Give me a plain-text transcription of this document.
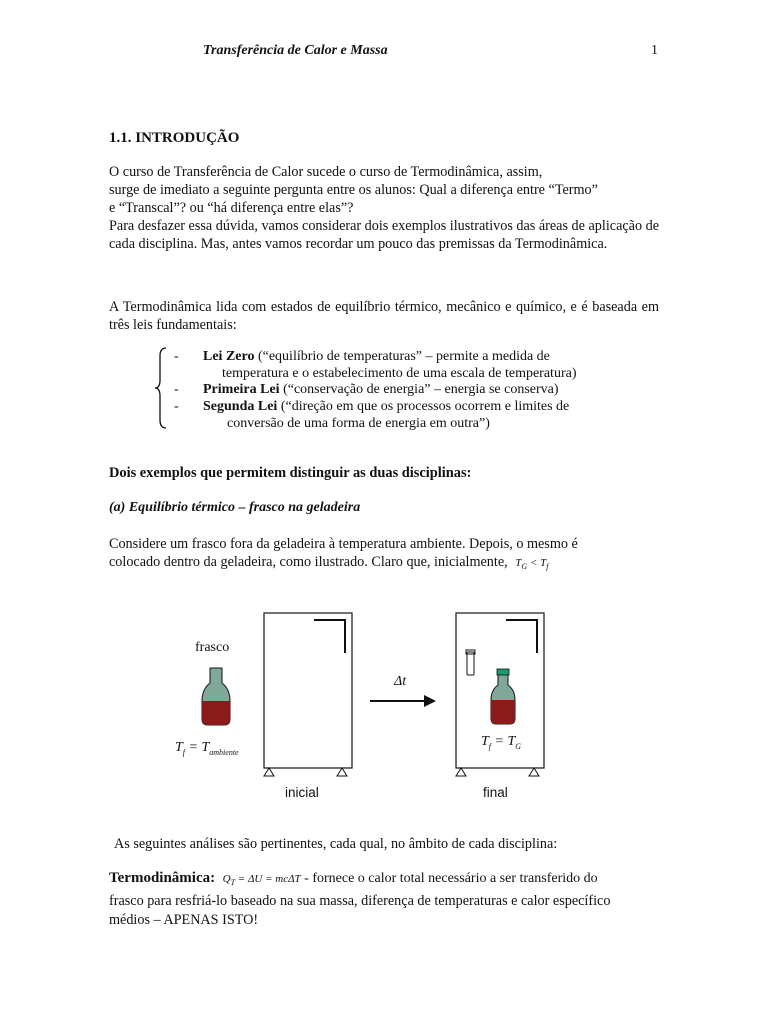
Transferência de Calor e Massa	1
1.1. INTRODUÇÃO

O curso de Transferência de Calor sucede o curso de Termodinâmica, assim,

surge de imediato a seguinte pergunta entre os alunos: Qual a diferença entre “Termo”

e “Transcal”? ou “há diferença entre elas”?

Para desfazer essa dúvida, vamos considerar dois exemplos ilustrativos das áreas de aplicação de cada disciplina. Mas, antes vamos recordar um pouco das premissas da Termodinâmica.

A Termodinâmica lida com estados de equilíbrio térmico, mecânico e químico, e é baseada em três leis fundamentais:
- Lei Zero (“equilíbrio de temperaturas” – permite a medida de
temperatura e o estabelecimento de uma escala de temperatura)
- Primeira Lei (“conservação de energia” – energia se conserva)
- Segunda Lei (“direção em que os processos ocorrem e limites de
conversão de uma forma de energia em outra”)
Dois exemplos que permitem distinguir as duas disciplinas:
(a) Equilíbrio térmico – frasco na geladeira
Considere um frasco fora da geladeira à temperatura ambiente. Depois, o mesmo é
colocado dentro da geladeira, como ilustrado. Claro que, inicialmente, $T_G < T_f$
frasco
Δt
$T_f = T_{ambiente}$
$T_f = T_G$
inicial	final
As seguintes análises são pertinentes, cada qual, no âmbito de cada disciplina:
Termodinâmica: $Q_T = \Delta U = mc\Delta T$ - fornece o calor total necessário a ser transferido do
frasco para resfriá-lo baseado na sua massa, diferença de temperaturas e calor específico
médios – APENAS ISTO!
